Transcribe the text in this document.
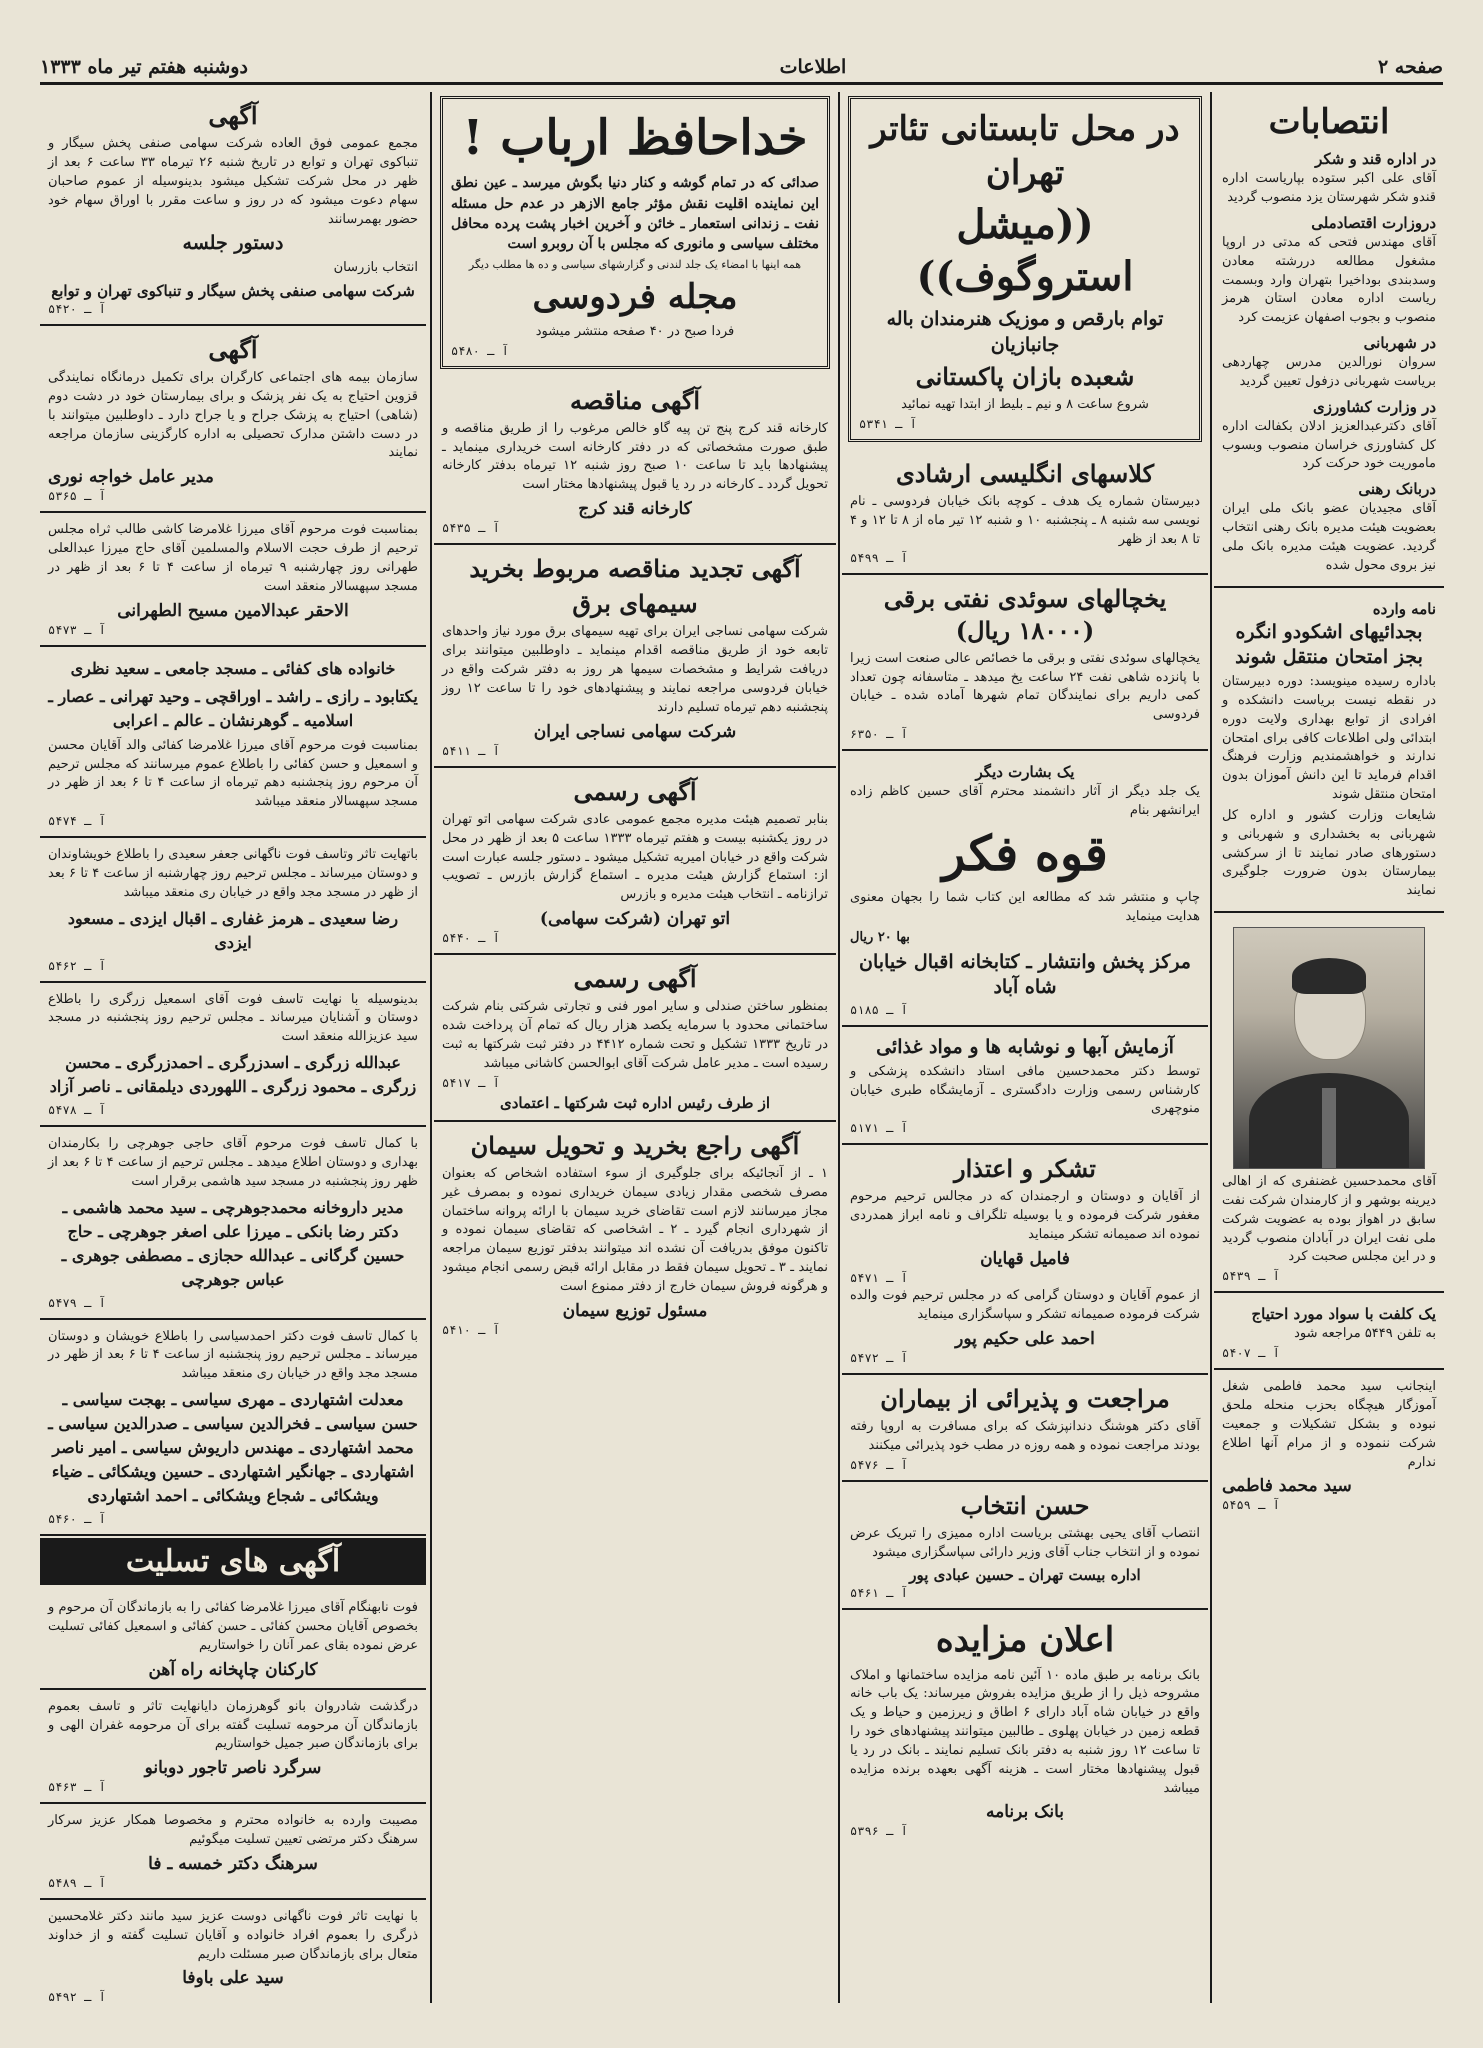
صفحه ۲
اطلاعات
دوشنبه هفتم تیر ماه ۱۳۳۳
انتصابات
در اداره قند و شکر

آقای علی اکبر ستوده بپاریاست اداره قندو شکر شهرستان یزد منصوب گردید

دروزارت اقتصادملی

آقای مهندس فتحی که مدتی در اروپا مشغول مطالعه دررشته معادن وسدبندی بوداخیرا بتهران وارد وبسمت ریاست اداره معادن استان هرمز منصوب و بجوب اصفهان عزیمت کرد

در شهربانی

سروان نورالدین مدرس چهاردهی بریاست شهربانی دزفول تعیین گردید

در وزارت کشاورزی

آقای دکترعبدالعزیز ادلان بکفالت اداره کل کشاورزی خراسان منصوب وبسوب ماموریت خود حرکت کرد

دربانک رهنی

آقای مجیدیان عضو بانک ملی ایران بعضویت هیئت مدیره بانک رهنی انتخاب گردید. عضویت هیئت مدیره بانک ملی نیز بروی محول شده

نامه وارده
بجدائیهای اشکودو انگره بجز امتحان منتقل شوند

باداره رسیده مینویسد: دوره دبیرستان در نقطه نیست بریاست دانشکده و افرادی از توابع بهداری ولایت دوره ابتدائی ولی اطلاعات کافی برای امتحان ندارند و خواهشمندیم وزارت فرهنگ اقدام فرماید تا این دانش آموزان بدون امتحان منتقل شوند

شایعات وزارت کشور و اداره کل شهربانی به بخشداری و شهربانی و دستورهای صادر نمایند تا از سرکشی بیمارستان بدون ضرورت جلوگیری نمایند

آقای محمدحسین غضنفری که از اهالی دیرینه بوشهر و از کارمندان شرکت نفت سابق در اهواز بوده به عضویت شرکت ملی نفت ایران در آبادان منصوب گردید و در این مجلس صحبت کرد

آ ـ ۵۴۳۹
یک کلفت با سواد مورد احتیاج

به تلفن ۵۴۴۹ مراجعه شود

آ ـ ۵۴۰۷

اینجانب سید محمد فاطمی شغل آموزگار هیچگاه بحزب منحله ملحق نبوده و بشکل تشکیلات و جمعیت شرکت ننموده و از مرام آنها اطلاع ندارم

سید محمد فاطمی
آ ـ ۵۴۵۹
در محل تابستانی تئاتر تهران
((میشل استروگوف))
توام بارقص و موزیک هنرمندان باله جانبازیان
شعبده بازان پاکستانی

شروع ساعت ۸ و نیم ـ بلیط از ابتدا تهیه نمائید

آ ـ ۵۳۴۱
کلاسهای انگلیسی ارشادی

دبیرستان شماره یک هدف ـ کوچه بانک خیابان فردوسی ـ نام نویسی سه شنبه ۸ ـ پنجشنبه ۱۰ و شنبه ۱۲ تیر ماه از ۸ تا ۱۲ و ۴ تا ۸ بعد از ظهر

آ ـ ۵۴۹۹
یخچالهای سوئدی نفتی برقی (۱۸۰۰۰ ریال)

یخچالهای سوئدی نفتی و برقی ما خصائص عالی صنعت است زیرا با پانزده شاهی نفت ۲۴ ساعت یخ میدهد ـ متاسفانه چون تعداد کمی داریم برای نمایندگان تمام شهرها آماده شده ـ خیابان فردوسی

آ ـ ۶۳۵۰
یک بشارت دیگر

یک جلد دیگر از آثار دانشمند محترم آقای حسین کاظم زاده ایرانشهر بنام

قوه فکر

چاپ و منتشر شد که مطالعه این کتاب شما را بجهان معنوی هدایت مینماید

بها ۲۰ ریال

مرکز پخش وانتشار ـ کتابخانه اقبال خیابان شاه آباد
آ ـ ۵۱۸۵
آزمایش آبها و نوشابه ها و مواد غذائی

توسط دکتر محمدحسین مافی استاد دانشکده پزشکی و کارشناس رسمی وزارت دادگستری ـ آزمایشگاه طبری خیابان منوچهری

آ ـ ۵۱۷۱
تشکر و اعتذار

از آقایان و دوستان و ارجمندان که در مجالس ترحیم مرحوم مغفور شرکت فرموده و یا بوسیله تلگراف و نامه ابراز همدردی نموده اند صمیمانه تشکر مینماید

فامیل قهایان
آ ـ ۵۴۷۱

از عموم آقایان و دوستان گرامی که در مجلس ترحیم فوت والده شرکت فرموده صمیمانه تشکر و سپاسگزاری مینماید

احمد علی حکیم پور
آ ـ ۵۴۷۲
مراجعت و پذیرائی از بیماران

آقای دکتر هوشنگ دندانپزشک که برای مسافرت به اروپا رفته بودند مراجعت نموده و همه روزه در مطب خود پذیرائی میکنند

آ ـ ۵۴۷۶
حسن انتخاب

انتصاب آقای یحیی بهشتی بریاست اداره ممیزی را تبریک عرض نموده و از انتخاب جناب آقای وزیر دارائی سپاسگزاری میشود

اداره بیست تهران ـ حسین عبادی پور
آ ـ ۵۴۶۱
اعلان مزایده

بانک برنامه بر طبق ماده ۱۰ آئین نامه مزایده ساختمانها و املاک مشروحه ذیل را از طریق مزایده بفروش میرساند: یک باب خانه واقع در خیابان شاه آباد دارای ۶ اطاق و زیرزمین و حیاط و یک قطعه زمین در خیابان پهلوی ـ طالبین میتوانند پیشنهادهای خود را تا ساعت ۱۲ روز شنبه به دفتر بانک تسلیم نمایند ـ بانک در رد یا قبول پیشنهادها مختار است ـ هزینه آگهی بعهده برنده مزایده میباشد

بانک برنامه
آ ـ ۵۳۹۶
خداحافظ ارباب !

صدائی که در تمام گوشه و کنار دنیا بگوش میرسد ـ عین نطق این نماینده اقلیت نقش مؤثر جامع الازهر در عدم حل مسئله نفت ـ زندانی استعمار ـ خائن و آخرین اخبار پشت پرده محافل مختلف سیاسی و مانوری که مجلس با آن روبرو است

همه اینها با امضاء یک جلد لندنی و گزارشهای سیاسی و ده ها مطلب دیگر

مجله فردوسی

فردا صبح در ۴۰ صفحه منتشر میشود

آ ـ ۵۴۸۰
آگهی مناقصه

کارخانه قند کرج پنج تن پیه گاو خالص مرغوب را از طریق مناقصه و طبق صورت مشخصاتی که در دفتر کارخانه است خریداری مینماید ـ پیشنهادها باید تا ساعت ۱۰ صبح روز شنبه ۱۲ تیرماه بدفتر کارخانه تحویل گردد ـ کارخانه در رد یا قبول پیشنهادها مختار است

کارخانه قند کرج
آ ـ ۵۴۳۵
آگهی تجدید مناقصه مربوط بخرید
سیمهای برق

شرکت سهامی نساجی ایران برای تهیه سیمهای برق مورد نیاز واحدهای تابعه خود از طریق مناقصه اقدام مینماید ـ داوطلبین میتوانند برای دریافت شرایط و مشخصات سیمها هر روز به دفتر شرکت واقع در خیابان فردوسی مراجعه نمایند و پیشنهادهای خود را تا ساعت ۱۲ روز پنجشنبه دهم تیرماه تسلیم دارند

شرکت سهامی نساجی ایران
آ ـ ۵۴۱۱
آگهی رسمی

بنابر تصمیم هیئت مدیره مجمع عمومی عادی شرکت سهامی اتو تهران در روز یکشنبه بیست و هفتم تیرماه ۱۳۳۳ ساعت ۵ بعد از ظهر در محل شرکت واقع در خیابان امیریه تشکیل میشود ـ دستور جلسه عبارت است از: استماع گزارش هیئت مدیره ـ استماع گزارش بازرس ـ تصویب ترازنامه ـ انتخاب هیئت مدیره و بازرس

اتو تهران (شرکت سهامی)
آ ـ ۵۴۴۰
آگهی رسمی

بمنظور ساختن صندلی و سایر امور فنی و تجارتی شرکتی بنام شرکت ساختمانی محدود با سرمایه یکصد هزار ریال که تمام آن پرداخت شده در تاریخ ۱۳۳۳ تشکیل و تحت شماره ۴۴۱۲ در دفتر ثبت شرکتها به ثبت رسیده است ـ مدیر عامل شرکت آقای ابوالحسن کاشانی میباشد

آ ـ ۵۴۱۷
از طرف رئیس اداره ثبت شرکتها ـ اعتمادی
آگهی راجع بخرید و تحویل سیمان

۱ ـ از آنجائیکه برای جلوگیری از سوء استفاده اشخاص که بعنوان مصرف شخصی مقدار زیادی سیمان خریداری نموده و بمصرف غیر مجاز میرسانند لازم است تقاضای خرید سیمان با ارائه پروانه ساختمان از شهرداری انجام گیرد ـ ۲ ـ اشخاصی که تقاضای سیمان نموده و تاکنون موفق بدریافت آن نشده اند میتوانند بدفتر توزیع سیمان مراجعه نمایند ـ ۳ ـ تحویل سیمان فقط در مقابل ارائه قبض رسمی انجام میشود و هرگونه فروش سیمان خارج از دفتر ممنوع است

مسئول توزیع سیمان
آ ـ ۵۴۱۰
آگهی

مجمع عمومی فوق العاده شرکت سهامی صنفی پخش سیگار و تنباکوی تهران و توابع در تاریخ شنبه ۲۶ تیرماه ۳۳ ساعت ۶ بعد از ظهر در محل شرکت تشکیل میشود بدینوسیله از عموم صاحبان سهام دعوت میشود که در روز و ساعت مقرر با اوراق سهام خود حضور بهمرسانند

دستور جلسه

انتخاب بازرسان

شرکت سهامی صنفی پخش سیگار و تنباکوی تهران و توابع
آ ـ ۵۴۲۰
آگهی

سازمان بیمه های اجتماعی کارگران برای تکمیل درمانگاه نمایندگی قزوین احتیاج به یک نفر پزشک و برای بیمارستان خود در دشت دوم (شاهی) احتیاج به پزشک جراح و یا جراح دارد ـ داوطلبین میتوانند با در دست داشتن مدارک تحصیلی به اداره کارگزینی سازمان مراجعه نمایند

مدیر عامل خواجه نوری
آ ـ ۵۳۶۵

بمناسبت فوت مرحوم آقای میرزا غلامرضا کاشی طالب ثراه مجلس ترحیم از طرف حجت الاسلام والمسلمین آقای حاج میرزا عبدالعلی طهرانی روز چهارشنبه ۹ تیرماه از ساعت ۴ تا ۶ بعد از ظهر در مسجد سپهسالار منعقد است

الاحقر عبدالامین مسیح الطهرانی
آ ـ ۵۴۷۳
خانواده های کفائی ـ مسجد جامعی ـ سعید نظری
یکتابود ـ رازی ـ راشد ـ اوراقچی ـ وحید تهرانی ـ عصار ـ اسلامیه ـ گوهرنشان ـ عالم ـ اعرابی

بمناسبت فوت مرحوم آقای میرزا غلامرضا کفائی والد آقایان محسن و اسمعیل و حسن کفائی را باطلاع عموم میرسانند که مجلس ترحیم آن مرحوم روز پنجشنبه دهم تیرماه از ساعت ۴ تا ۶ بعد از ظهر در مسجد سپهسالار منعقد میباشد

آ ـ ۵۴۷۴

باتهایت تاثر وتاسف فوت ناگهانی جعفر سعیدی را باطلاع خویشاوندان و دوستان میرساند ـ مجلس ترحیم روز چهارشنبه از ساعت ۴ تا ۶ بعد از ظهر در مسجد مجد واقع در خیابان ری منعقد میباشد

رضا سعیدی ـ هرمز غفاری ـ اقبال ایزدی ـ مسعود ایزدی
آ ـ ۵۴۶۲

بدینوسیله با نهایت تاسف فوت آقای اسمعیل زرگری را باطلاع دوستان و آشنایان میرساند ـ مجلس ترحیم روز پنجشنبه در مسجد سید عزیزالله منعقد است

عبدالله زرگری ـ اسدزرگری ـ احمدزرگری ـ محسن زرگری ـ محمود زرگری ـ اللهوردی دیلمقانی ـ ناصر آزاد
آ ـ ۵۴۷۸

با کمال تاسف فوت مرحوم آقای حاجی جوهرچی را بکارمندان بهداری و دوستان اطلاع میدهد ـ مجلس ترحیم از ساعت ۴ تا ۶ بعد از ظهر روز پنجشنبه در مسجد سید هاشمی برقرار است

مدیر داروخانه محمدجوهرچی ـ سید محمد هاشمی ـ دکتر رضا بانکی ـ میرزا علی اصغر جوهرچی ـ حاج حسین گرگانی ـ عبدالله حجازی ـ مصطفی جوهری ـ عباس جوهرچی
آ ـ ۵۴۷۹

با کمال تاسف فوت دکتر احمدسیاسی را باطلاع خویشان و دوستان میرساند ـ مجلس ترحیم روز پنجشنبه از ساعت ۴ تا ۶ بعد از ظهر در مسجد مجد واقع در خیابان ری منعقد میباشد

معدلت اشتهاردی ـ مهری سیاسی ـ بهجت سیاسی ـ حسن سیاسی ـ فخرالدین سیاسی ـ صدرالدین سیاسی ـ محمد اشتهاردی ـ مهندس داریوش سیاسی ـ امیر ناصر اشتهاردی ـ جهانگیر اشتهاردی ـ حسین ویشکائی ـ ضیاء ویشکائی ـ شجاع ویشکائی ـ احمد اشتهاردی
آ ـ ۵۴۶۰
آگهی های تسلیت

فوت نابهنگام آقای میرزا غلامرضا کفائی را به بازماندگان آن مرحوم و بخصوص آقایان محسن کفائی ـ حسن کفائی و اسمعیل کفائی تسلیت عرض نموده بقای عمر آنان را خواستاریم

کارکنان چاپخانه راه آهن

درگذشت شادروان بانو گوهرزمان دایانهایت تاثر و تاسف بعموم بازماندگان آن مرحومه تسلیت گفته برای آن مرحومه غفران الهی و برای بازماندگان صبر جمیل خواستاریم

سرگرد ناصر تاجور دوبانو
آ ـ ۵۴۶۳

مصیبت وارده به خانواده محترم و مخصوصا همکار عزیز سرکار سرهنگ دکتر مرتضی تعیین تسلیت میگوئیم

سرهنگ دکتر خمسه ـ فا
آ ـ ۵۴۸۹

با نهایت تاثر فوت ناگهانی دوست عزیز سید مانند دکتر غلامحسین ذرگری را بعموم افراد خانواده و آقایان تسلیت گفته و از خداوند متعال برای بازماندگان صبر مسئلت داریم

سید علی باوفا
آ ـ ۵۴۹۲
